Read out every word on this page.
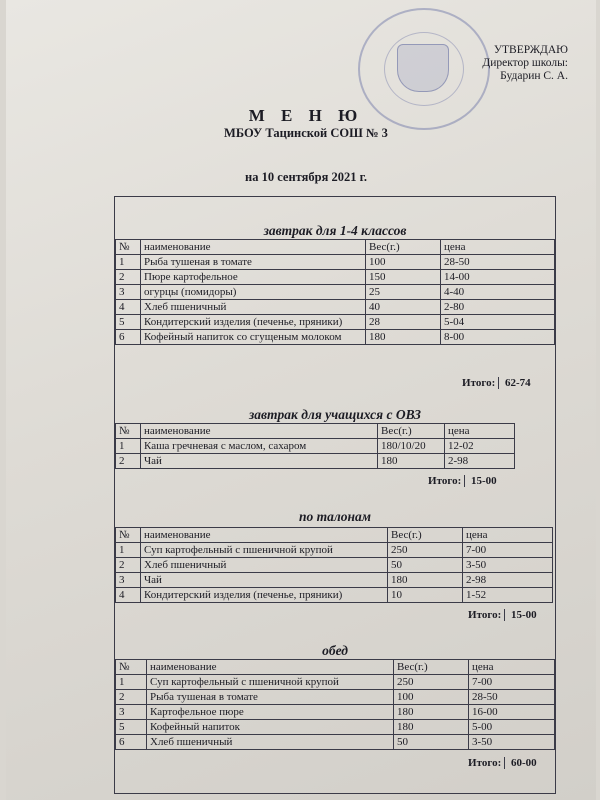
УТВЕРЖДАЮ
Директор школы:
Бударин С. А.
М Е Н Ю
МБОУ Тацинской СОШ № 3
на 10 сентября 2021 г.
завтрак для 1-4 классов
№	наименование	Вес(г.)	цена
1	Рыба тушеная в томате	100	28-50
2	Пюре картофельное	150	14-00
3	огурцы (помидоры)	25	4-40
4	Хлеб пшеничный	40	2-80
5	Кондитерский изделия (печенье, пряники)	28	5-04
6	Кофейный напиток со сгущеным молоком	180	8-00
Итого: 62-74
завтрак для учащихся с ОВЗ
№	наименование	Вес(г.)	цена
1	Каша гречневая с маслом, сахаром	180/10/20	12-02
2	Чай	180	2-98
Итого: 15-00
по талонам
№	наименование	Вес(г.)	цена
1	Суп картофельный с пшеничной крупой	250	7-00
2	Хлеб пшеничный	50	3-50
3	Чай	180	2-98
4	Кондитерский изделия (печенье, пряники)	10	1-52
Итого: 15-00
обед
№	наименование	Вес(г.)	цена
1	Суп картофельный с пшеничной крупой	250	7-00
2	Рыба тушеная в томате	100	28-50
3	Картофельное пюре	180	16-00
5	Кофейный напиток	180	5-00
6	Хлеб пшеничный	50	3-50
Итого: 60-00
